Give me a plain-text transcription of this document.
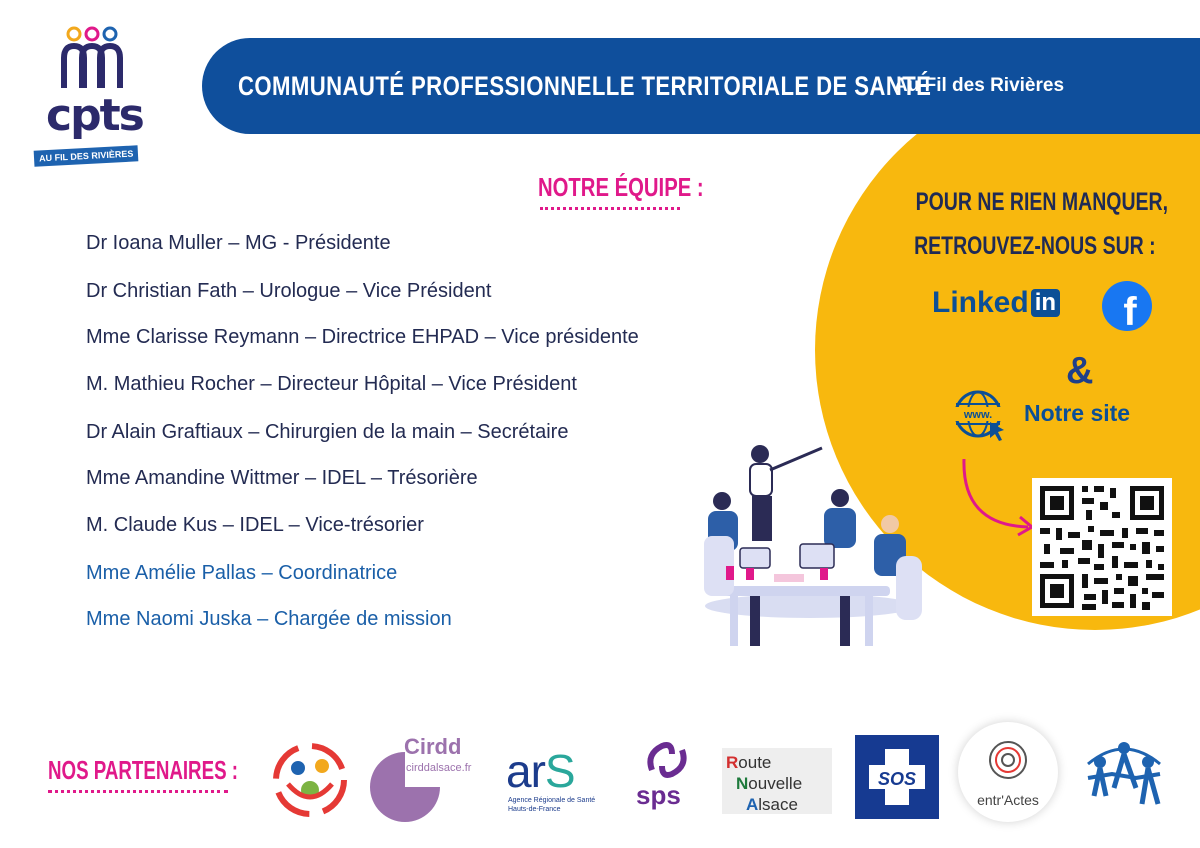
cpts
AU FIL DES RIVIÈRES
COMMUNAUTÉ PROFESSIONNELLE TERRITORIALE DE SANTÉ
Au Fil des Rivières
NOTRE ÉQUIPE :
Dr Ioana Muller – MG - Présidente
Dr Christian Fath – Urologue – Vice Président
Mme Clarisse Reymann – Directrice EHPAD – Vice présidente
M. Mathieu Rocher – Directeur Hôpital – Vice Président
Dr Alain Graftiaux – Chirurgien de la main – Secrétaire
Mme Amandine Wittmer – IDEL – Trésorière
M. Claude Kus – IDEL – Vice-trésorier
Mme Amélie Pallas – Coordinatrice
Mme Naomi Juska – Chargée de mission
POUR NE RIEN MANQUER,
RETROUVEZ-NOUS SUR :
Linked in f
&
www. Notre site
NOS PARTENAIRES :
Cirdd
cirddalsace.fr arS
Agence Régionale de Santé
Hauts-de-France	sps
Route
Nouvelle
Alsace
SOS
entr'Actes
